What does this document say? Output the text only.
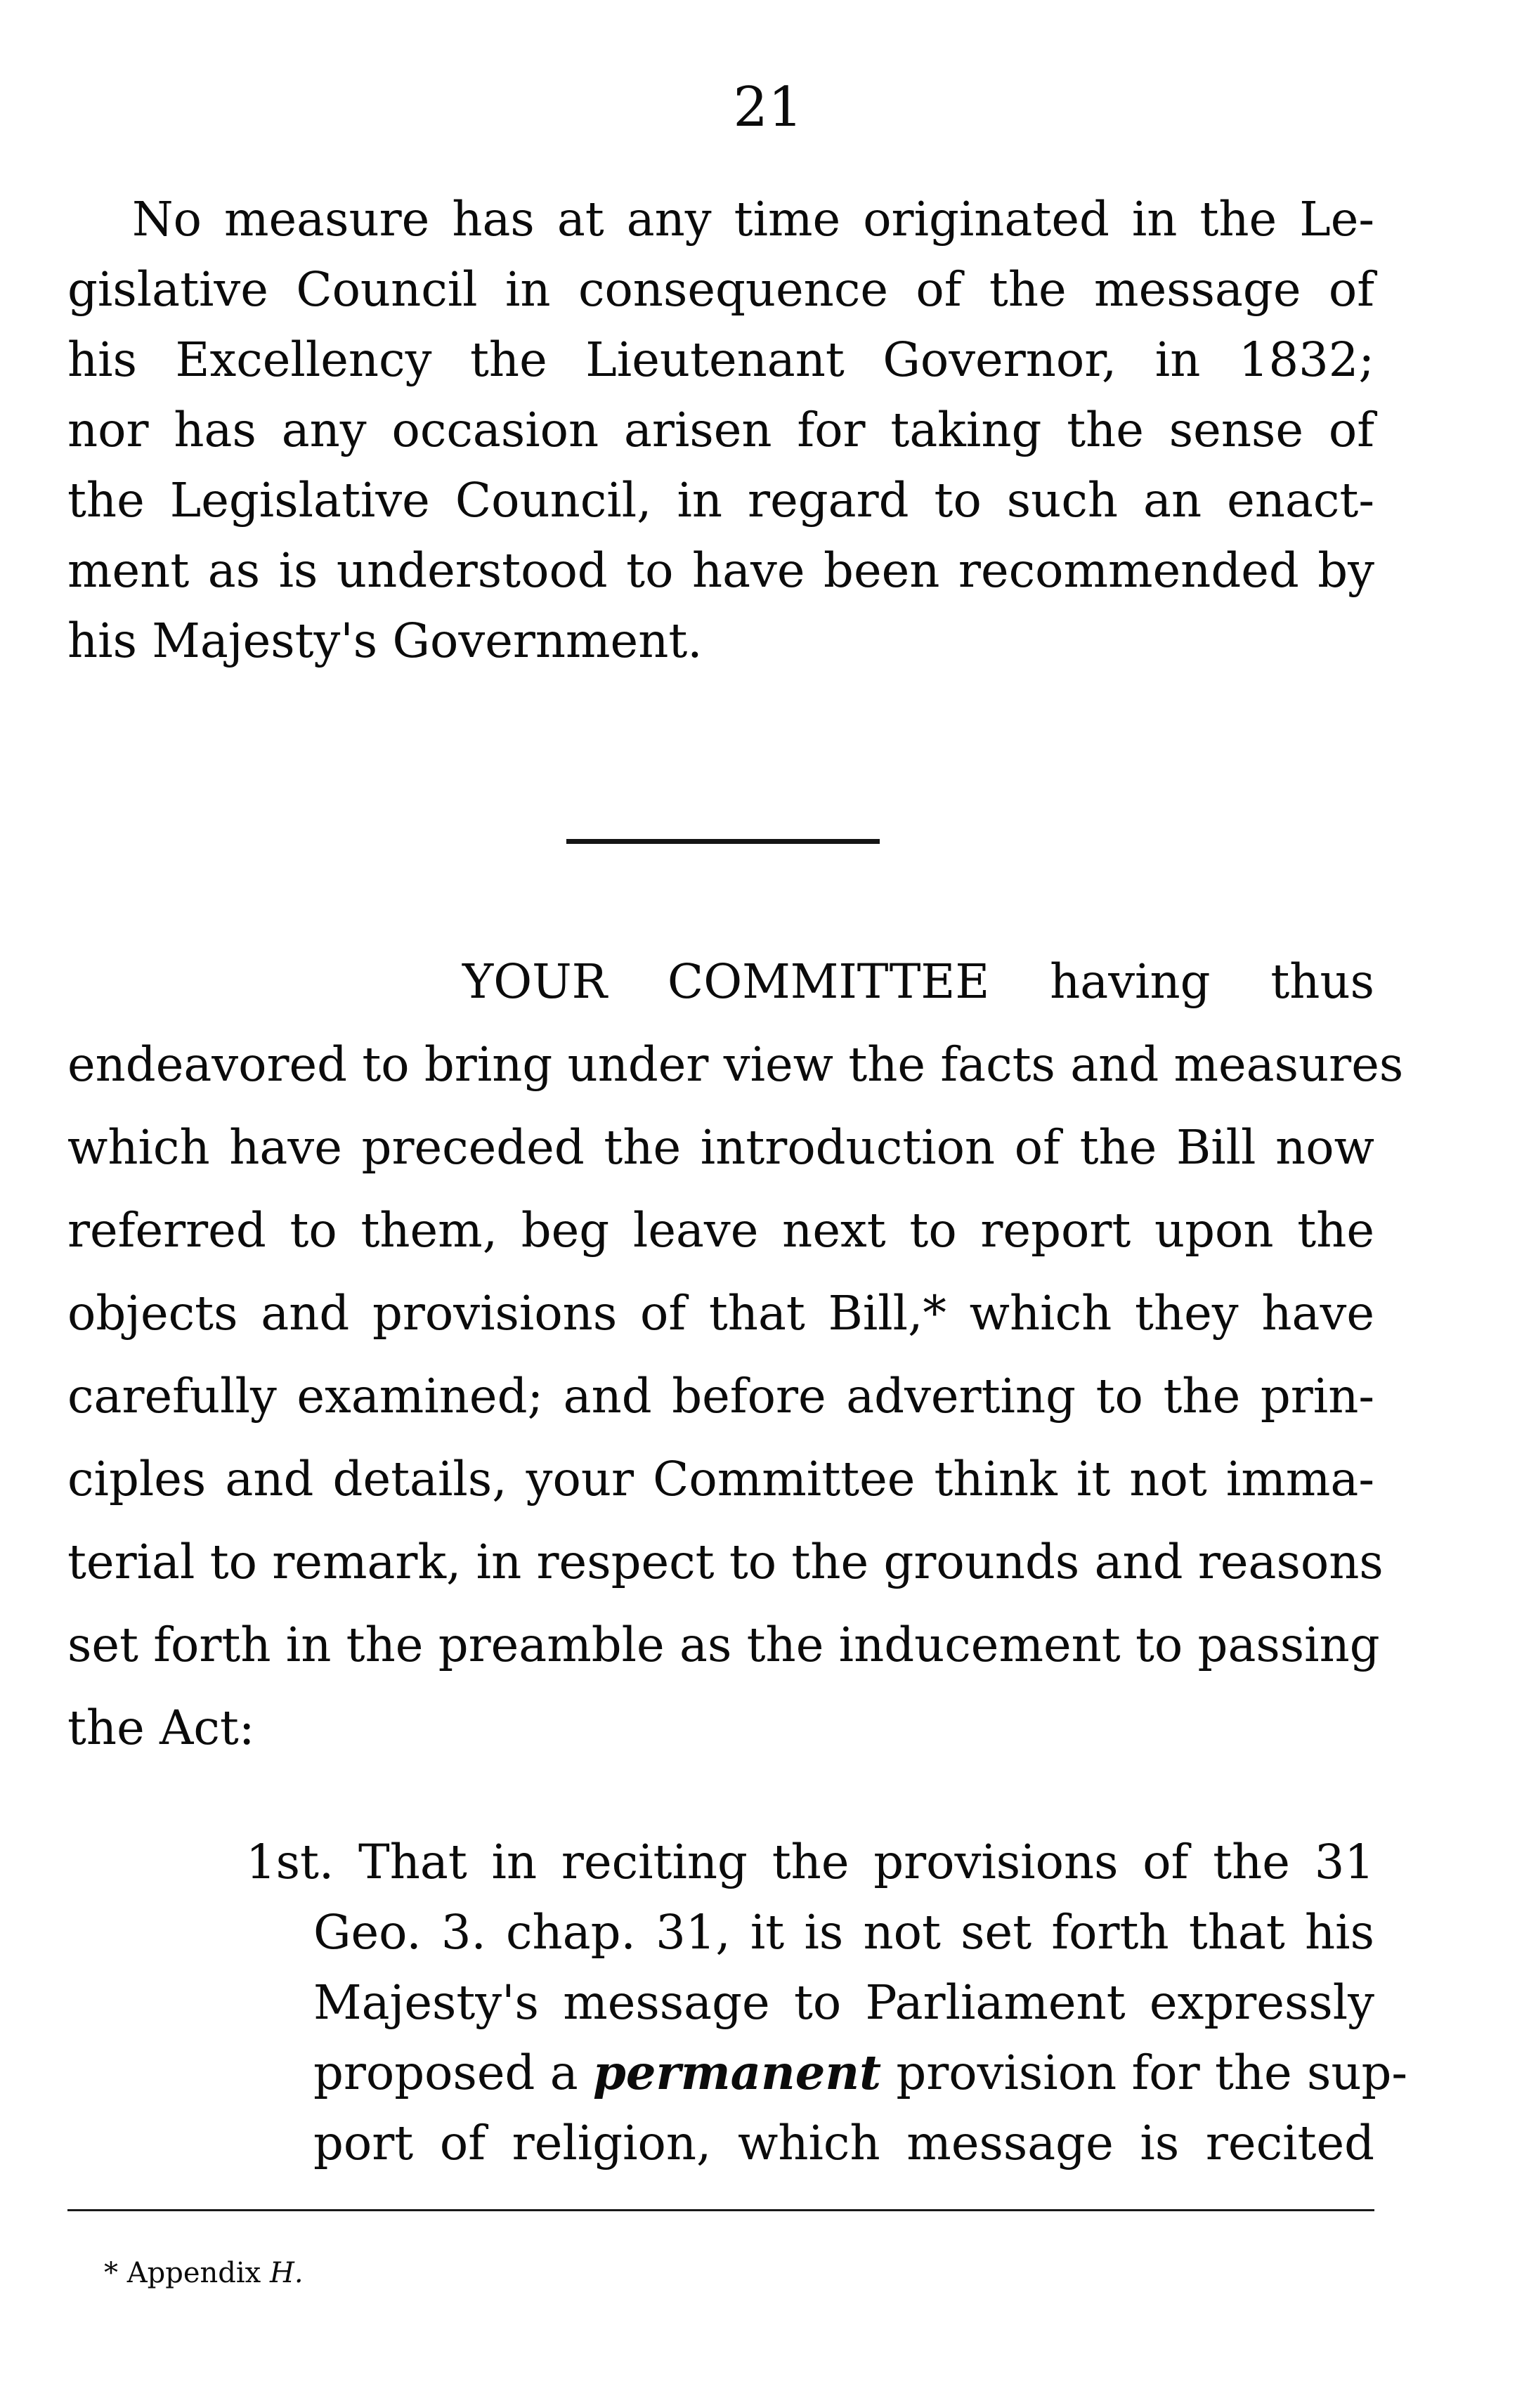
21
No measure has at any time originated in the Le-
gislative Council in consequence of the message of
his Excellency the Lieutenant Governor, in 1832;
nor has any occasion arisen for taking the sense of
the Legislative Council, in regard to such an enact-
ment as is understood to have been recommended by
his Majesty's Government.
YOUR COMMITTEE having thus
endeavored to bring under view the facts and measures
which have preceded the introduction of the Bill now
referred to them, beg leave next to report upon the
objects and provisions of that Bill,* which they have
carefully examined; and before adverting to the prin-
ciples and details, your Committee think it not imma-
terial to remark, in respect to the grounds and reasons
set forth in the preamble as the inducement to passing
the Act:
1st. That in reciting the provisions of the 31
Geo. 3. chap. 31, it is not set forth that his
Majesty's message to Parliament expressly
proposed a permanent provision for the sup-
port of religion, which message is recited
* Appendix H.
